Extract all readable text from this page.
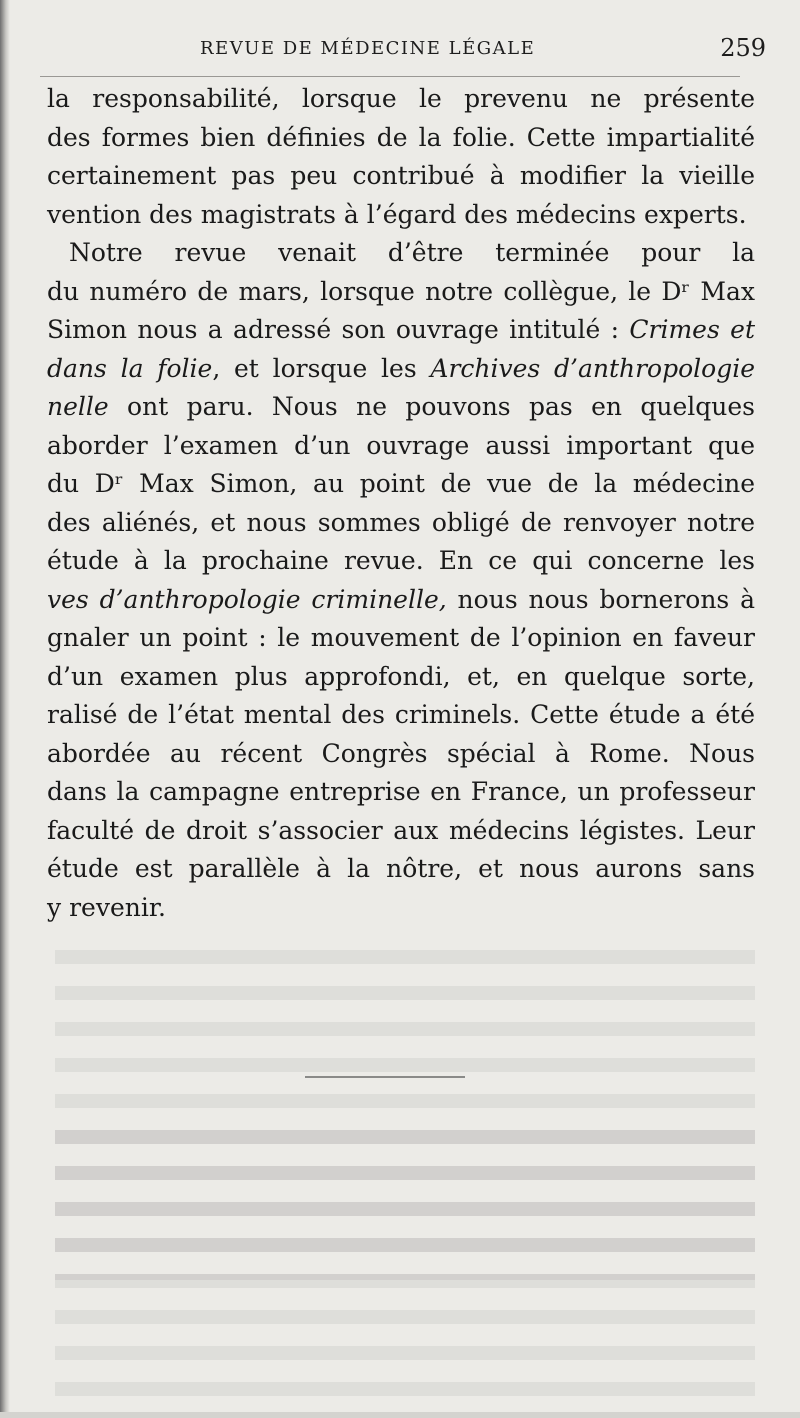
REVUE DE MÉDECINE LÉGALE	259
la responsabilité, lorsque le prevenu ne présente
des formes bien définies de la folie. Cette impartialité
certainement pas peu contribué à modifier la vieille
vention des magistrats à l’égard des médecins experts.
Notre revue venait d’être terminée pour la
du numéro de mars, lorsque notre collègue, le Dʳ Max
Simon nous a adressé son ouvrage intitulé : Crimes et
dans la folie, et lorsque les Archives d’anthropologie
nelle ont paru. Nous ne pouvons pas en quelques
aborder l’examen d’un ouvrage aussi important que
du Dʳ Max Simon, au point de vue de la médecine
des aliénés, et nous sommes obligé de renvoyer notre
étude à la prochaine revue. En ce qui concerne les
ves d’anthropologie criminelle, nous nous bornerons à
gnaler un point : le mouvement de l’opinion en faveur
d’un examen plus approfondi, et, en quelque sorte,
ralisé de l’état mental des criminels. Cette étude a été
abordée au récent Congrès spécial à Rome. Nous
dans la campagne entreprise en France, un professeur
faculté de droit s’associer aux médecins légistes. Leur
étude est parallèle à la nôtre, et nous aurons sans
y revenir.
